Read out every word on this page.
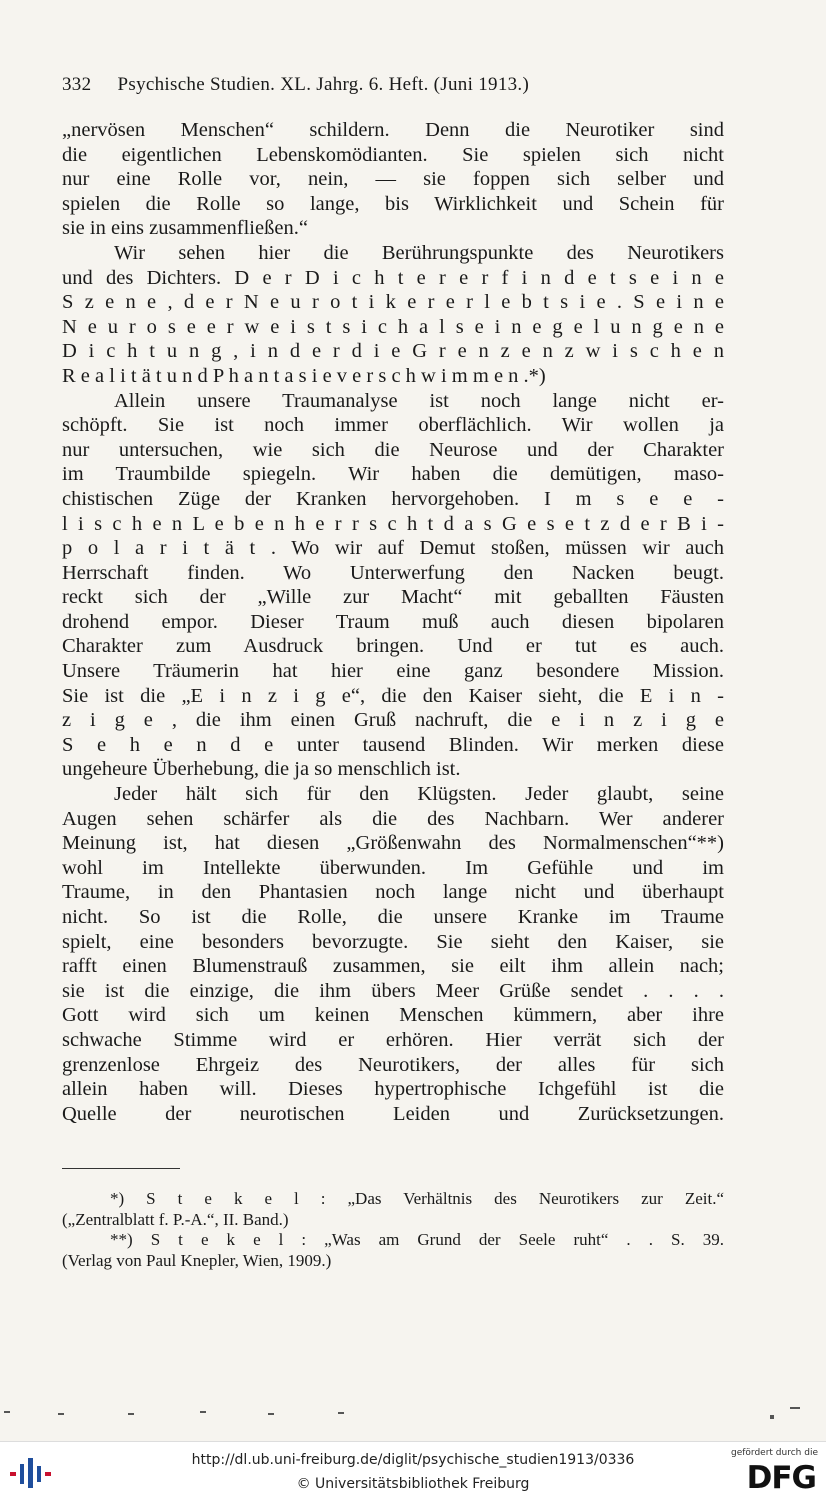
332 Psychische Studien. XL. Jahrg. 6. Heft. (Juni 1913.)
„nervösen Menschen“ schildern. Denn die Neurotiker sind
die eigentlichen Lebenskomödianten. Sie spielen sich nicht
nur eine Rolle vor, nein, — sie foppen sich selber und
spielen die Rolle so lange, bis Wirklichkeit und Schein für
sie in eins zusammenfließen.“
Wir sehen hier die Berührungspunkte des Neurotikers
und des Dichters. D e r D i c h t e r e r f i n d e t s e i n e
S z e n e , d e r N e u r o t i k e r e r l e b t s i e . S e i n e
N e u r o s e e r w e i s t s i c h a l s e i n e g e l u n g e n e
D i c h t u n g , i n d e r d i e G r e n z e n z w i s c h e n
R e a l i t ä t u n d P h a n t a s i e v e r s c h w i m m e n .*)
Allein unsere Traumanalyse ist noch lange nicht er-
schöpft. Sie ist noch immer oberflächlich. Wir wollen ja
nur untersuchen, wie sich die Neurose und der Charakter
im Traumbilde spiegeln. Wir haben die demütigen, maso-
chistischen Züge der Kranken hervorgehoben. I m s e e -
l i s c h e n L e b e n h e r r s c h t d a s G e s e t z d e r B i -
p o l a r i t ä t . Wo wir auf Demut stoßen, müssen wir auch
Herrschaft finden. Wo Unterwerfung den Nacken beugt.
reckt sich der „Wille zur Macht“ mit geballten Fäusten
drohend empor. Dieser Traum muß auch diesen bipolaren
Charakter zum Ausdruck bringen. Und er tut es auch.
Unsere Träumerin hat hier eine ganz besondere Mission.
Sie ist die „E i n z i g e“, die den Kaiser sieht, die E i n -
z i g e , die ihm einen Gruß nachruft, die e i n z i g e
S e h e n d e unter tausend Blinden. Wir merken diese
ungeheure Überhebung, die ja so menschlich ist.
Jeder hält sich für den Klügsten. Jeder glaubt, seine
Augen sehen schärfer als die des Nachbarn. Wer anderer
Meinung ist, hat diesen „Größenwahn des Normalmenschen“**)
wohl im Intellekte überwunden. Im Gefühle und im
Traume, in den Phantasien noch lange nicht und überhaupt
nicht. So ist die Rolle, die unsere Kranke im Traume
spielt, eine besonders bevorzugte. Sie sieht den Kaiser, sie
rafft einen Blumenstrauß zusammen, sie eilt ihm allein nach;
sie ist die einzige, die ihm übers Meer Grüße sendet . . . .
Gott wird sich um keinen Menschen kümmern, aber ihre
schwache Stimme wird er erhören. Hier verrät sich der
grenzenlose Ehrgeiz des Neurotikers, der alles für sich
allein haben will. Dieses hypertrophische Ichgefühl ist die
Quelle der neurotischen Leiden und Zurücksetzungen.
*) S t e k e l : „Das Verhältnis des Neurotikers zur Zeit.“
(„Zentralblatt f. P.-A.“, II. Band.)
**) S t e k e l : „Was am Grund der Seele ruht“ . . S. 39.
(Verlag von Paul Knepler, Wien, 1909.)
http://dl.ub.uni-freiburg.de/diglit/psychische_studien1913/0336
© Universitätsbibliothek Freiburg
gefördert durch die
DFG
